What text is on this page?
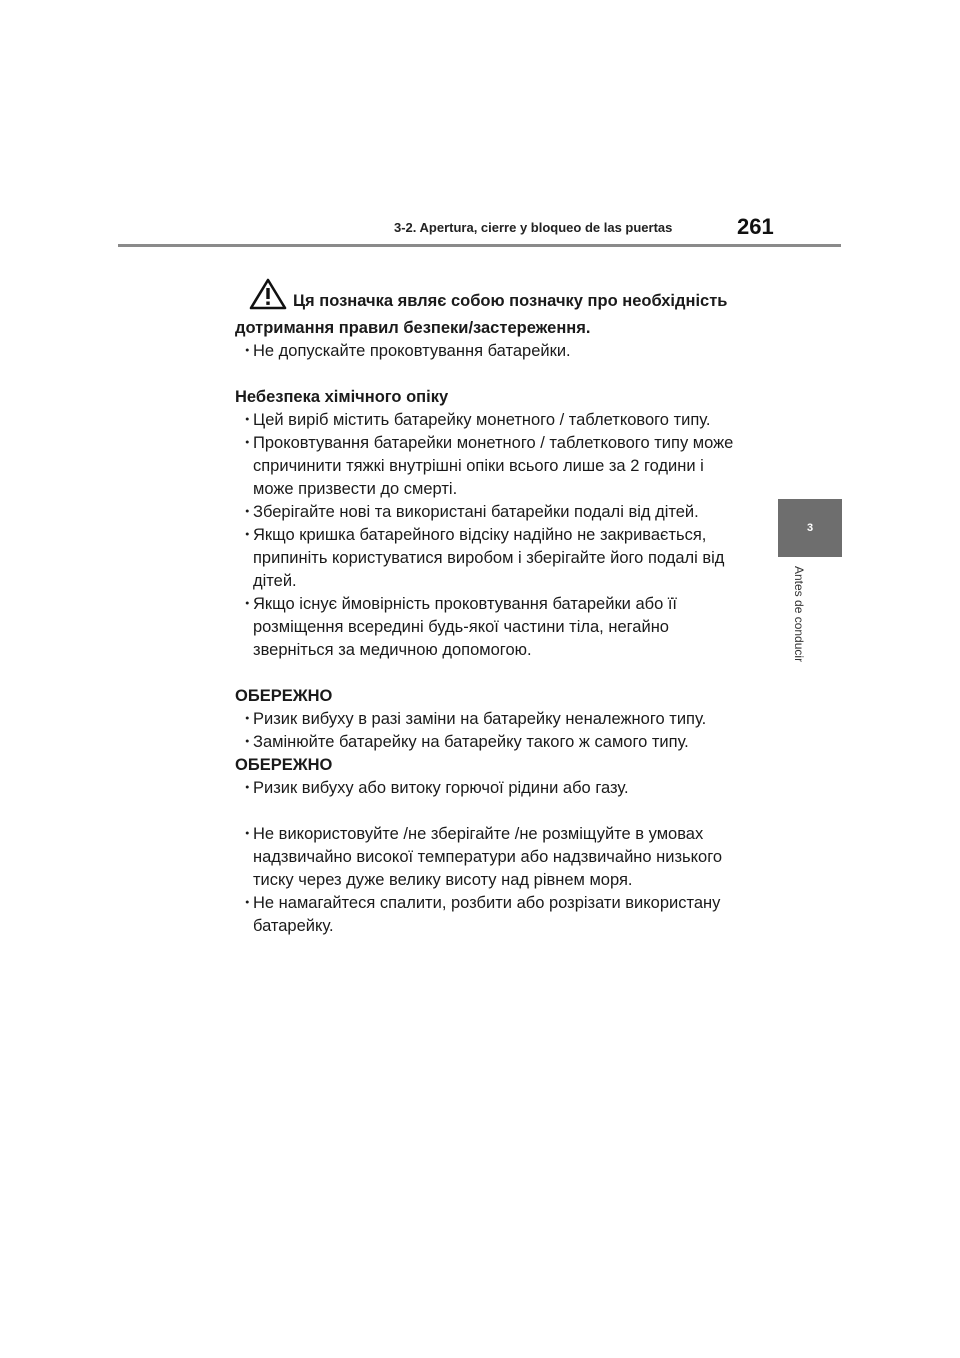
3-2. Apertura, cierre y bloqueo de las puertas	261
3
Antes de conducir
Ця позначка являє собою позначку про необхідність дотримання правил безпеки/застереження.
・
Не допускайте проковтування батарейки.
Небезпека хімічного опіку
・
Цей виріб містить батарейку монетного / таблеткового типу.
・
Проковтування батарейки монетного / таблеткового типу може спричинити тяжкі внутрішні опіки всього лише за 2 години і може призвести до смерті.
・
Зберігайте нові та використані батарейки подалі від дітей.
・
Якщо кришка батарейного відсіку надійно не закривається, припиніть користуватися виробом і зберігайте його подалі від дітей.
・
Якщо існує ймовірність проковтування батарейки або її розміщення всередині будь-якої частини тіла, негайно зверніться за медичною допомогою.
ОБЕРЕЖНО
・
Ризик вибуху в разі заміни на батарейку неналежного типу.
・
Замінюйте батарейку на батарейку такого ж самого типу.
ОБЕРЕЖНО
・
Ризик вибуху або витоку горючої рідини або газу.
・
Не використовуйте /не зберігайте /не розміщуйте в умовах надзвичайно високої температури або надзвичайно низького тиску через дуже велику висоту над рівнем моря.
・
Не намагайтеся спалити, розбити або розрізати використану батарейку.
